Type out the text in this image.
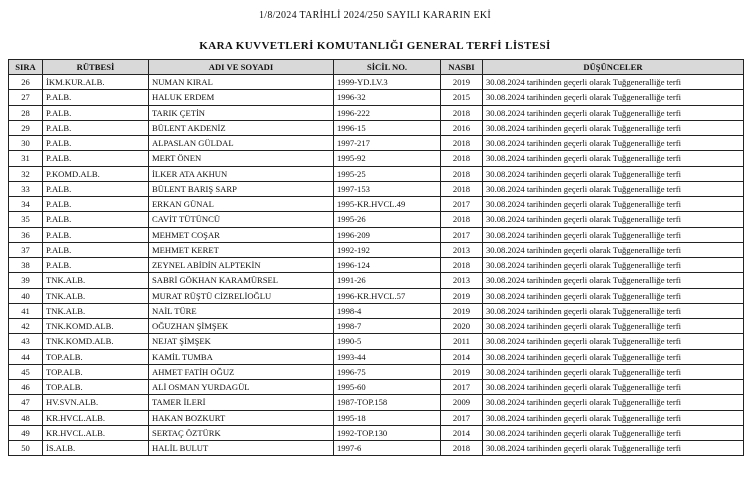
1/8/2024 TARİHLİ 2024/250 SAYILI KARARIN EKİ
KARA KUVVETLERİ KOMUTANLIĞI GENERAL TERFİ LİSTESİ
SIRA	RÜTBESİ	ADI VE SOYADI	SİCİL NO.	NASBI	DÜŞÜNCELER
26	İKM.KUR.ALB.	NUMAN KIRAL	1999-YD.LV.3	2019	30.08.2024 tarihinden geçerli olarak Tuğgeneralliğe terfi
27	P.ALB.	HALUK ERDEM	1996-32	2015	30.08.2024 tarihinden geçerli olarak Tuğgeneralliğe terfi
28	P.ALB.	TARIK ÇETİN	1996-222	2018	30.08.2024 tarihinden geçerli olarak Tuğgeneralliğe terfi
29	P.ALB.	BÜLENT AKDENİZ	1996-15	2016	30.08.2024 tarihinden geçerli olarak Tuğgeneralliğe terfi
30	P.ALB.	ALPASLAN GÜLDAL	1997-217	2018	30.08.2024 tarihinden geçerli olarak Tuğgeneralliğe terfi
31	P.ALB.	MERT ÖNEN	1995-92	2018	30.08.2024 tarihinden geçerli olarak Tuğgeneralliğe terfi
32	P.KOMD.ALB.	İLKER ATA AKHUN	1995-25	2018	30.08.2024 tarihinden geçerli olarak Tuğgeneralliğe terfi
33	P.ALB.	BÜLENT BARIŞ SARP	1997-153	2018	30.08.2024 tarihinden geçerli olarak Tuğgeneralliğe terfi
34	P.ALB.	ERKAN GÜNAL	1995-KR.HVCL.49	2017	30.08.2024 tarihinden geçerli olarak Tuğgeneralliğe terfi
35	P.ALB.	CAVİT TÜTÜNCÜ	1995-26	2018	30.08.2024 tarihinden geçerli olarak Tuğgeneralliğe terfi
36	P.ALB.	MEHMET COŞAR	1996-209	2017	30.08.2024 tarihinden geçerli olarak Tuğgeneralliğe terfi
37	P.ALB.	MEHMET KERET	1992-192	2013	30.08.2024 tarihinden geçerli olarak Tuğgeneralliğe terfi
38	P.ALB.	ZEYNEL ABİDİN ALPTEKİN	1996-124	2018	30.08.2024 tarihinden geçerli olarak Tuğgeneralliğe terfi
39	TNK.ALB.	SABRİ GÖKHAN KARAMÜRSEL	1991-26	2013	30.08.2024 tarihinden geçerli olarak Tuğgeneralliğe terfi
40	TNK.ALB.	MURAT RÜŞTÜ CİZRELİOĞLU	1996-KR.HVCL.57	2019	30.08.2024 tarihinden geçerli olarak Tuğgeneralliğe terfi
41	TNK.ALB.	NAİL TÜRE	1998-4	2019	30.08.2024 tarihinden geçerli olarak Tuğgeneralliğe terfi
42	TNK.KOMD.ALB.	OĞUZHAN ŞİMŞEK	1998-7	2020	30.08.2024 tarihinden geçerli olarak Tuğgeneralliğe terfi
43	TNK.KOMD.ALB.	NEJAT ŞİMŞEK	1990-5	2011	30.08.2024 tarihinden geçerli olarak Tuğgeneralliğe terfi
44	TOP.ALB.	KAMİL TUMBA	1993-44	2014	30.08.2024 tarihinden geçerli olarak Tuğgeneralliğe terfi
45	TOP.ALB.	AHMET FATİH OĞUZ	1996-75	2019	30.08.2024 tarihinden geçerli olarak Tuğgeneralliğe terfi
46	TOP.ALB.	ALİ OSMAN YURDAGÜL	1995-60	2017	30.08.2024 tarihinden geçerli olarak Tuğgeneralliğe terfi
47	HV.SVN.ALB.	TAMER İLERİ	1987-TOP.158	2009	30.08.2024 tarihinden geçerli olarak Tuğgeneralliğe terfi
48	KR.HVCL.ALB.	HAKAN BOZKURT	1995-18	2017	30.08.2024 tarihinden geçerli olarak Tuğgeneralliğe terfi
49	KR.HVCL.ALB.	SERTAÇ ÖZTÜRK	1992-TOP.130	2014	30.08.2024 tarihinden geçerli olarak Tuğgeneralliğe terfi
50	İS.ALB.	HALİL BULUT	1997-6	2018	30.08.2024 tarihinden geçerli olarak Tuğgeneralliğe terfi
